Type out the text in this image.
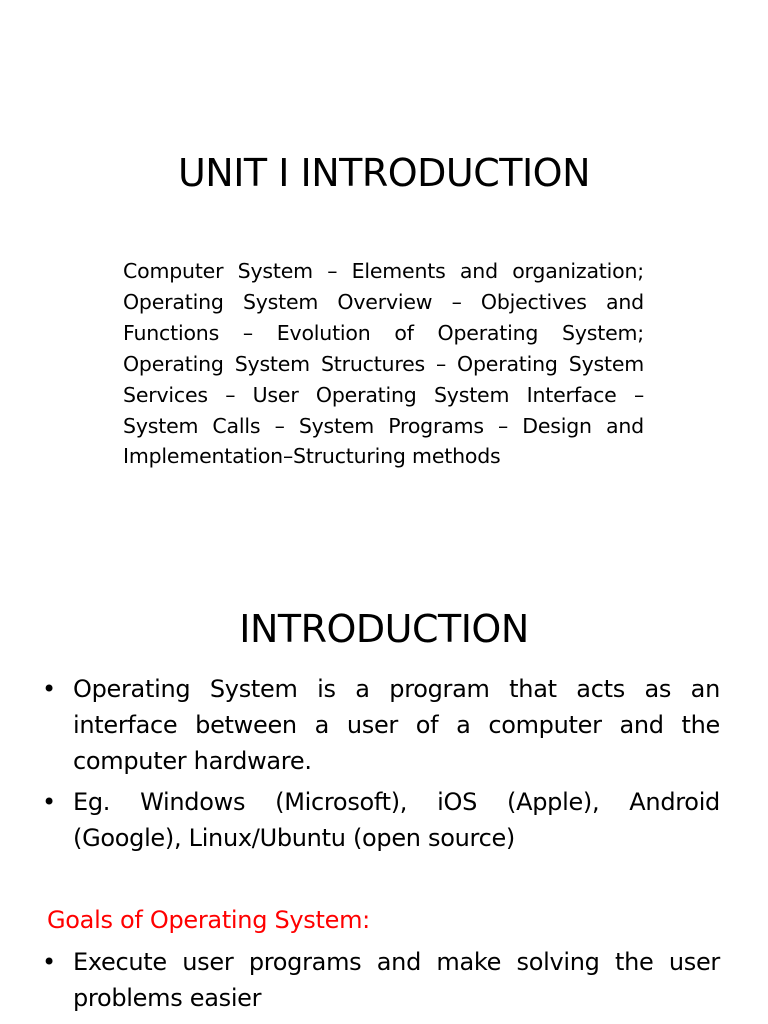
UNIT I INTRODUCTION

Computer System – Elements and organization; Operating System Overview – Objectives and Functions – Evolution of Operating System; Operating System Structures – Operating System Services – User Operating System Interface – System Calls – System Programs – Design and Implementation–Structuring methods

INTRODUCTION
• Operating System is a program that acts as an interface between a user of a computer and the computer hardware.
• Eg. Windows (Microsoft), iOS (Apple), Android (Google), Linux/Ubuntu (open source)
Goals of Operating System:
• Execute user programs and make solving the user problems easier
